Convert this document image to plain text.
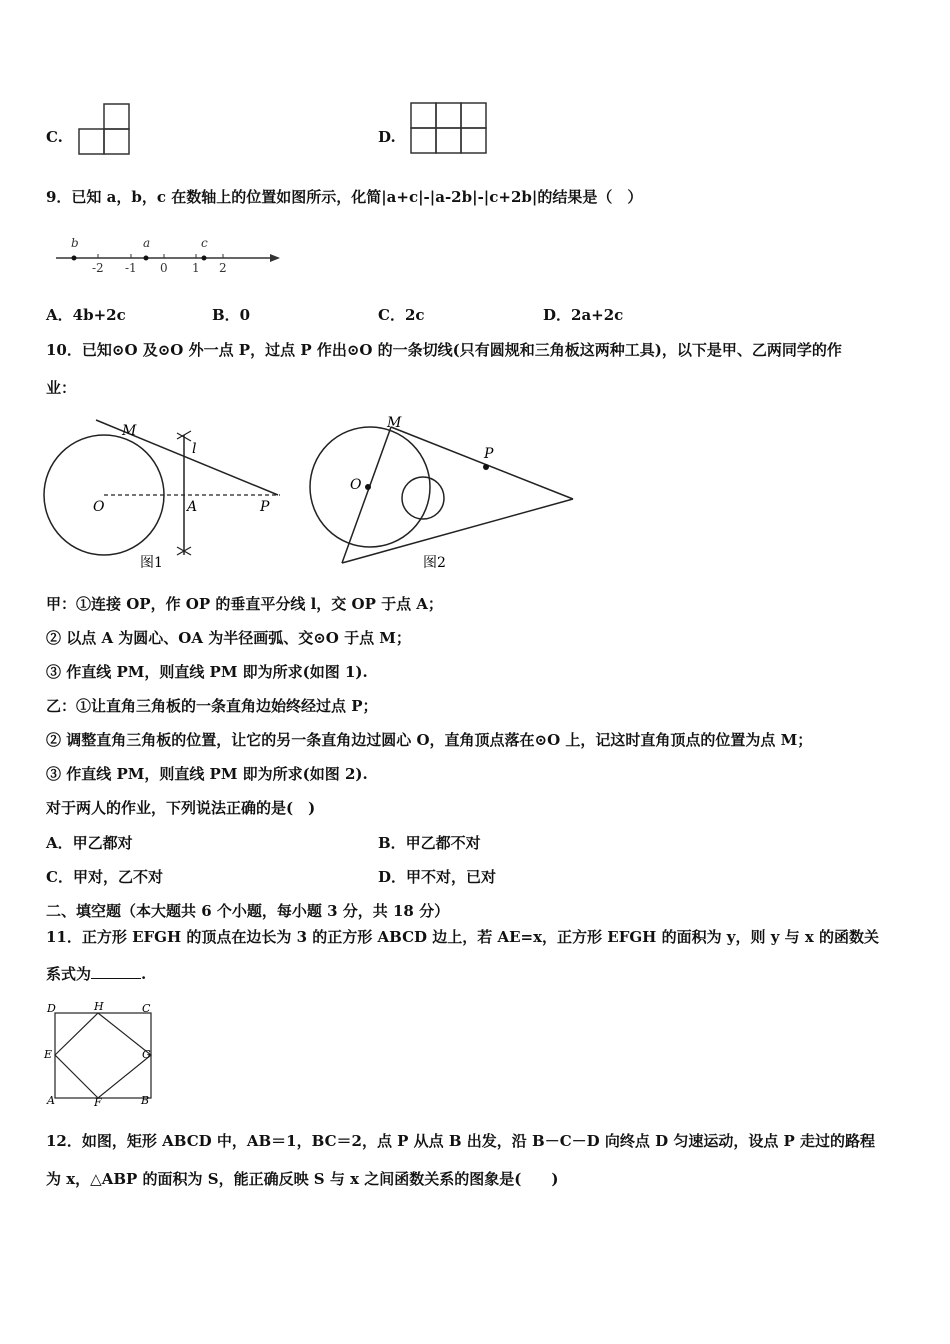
C.	D.
9．已知 a，b，c 在数轴上的位置如图所示，化简|a+c|-|a-2b|-|c+2b|的结果是（　）
b	a	c
-2 -1 0 1 2
A．4b+2c	B．0	C．2c	D．2a+2c
10．已知⊙O 及⊙O 外一点 P，过点 P 作出⊙O 的一条切线(只有圆规和三角板这两种工具)，以下是甲、乙两同学的作
业：
M
l
O	A	P
图1
M
P
O
图2
甲：①连接 OP，作 OP 的垂直平分线 l，交 OP 于点 A；
② 以点 A 为圆心、OA 为半径画弧、交⊙O 于点 M；
③ 作直线 PM，则直线 PM 即为所求(如图 1).
乙：①让直角三角板的一条直角边始终经过点 P；
② 调整直角三角板的位置，让它的另一条直角边过圆心 O，直角顶点落在⊙O 上，记这时直角顶点的位置为点 M；
③ 作直线 PM，则直线 PM 即为所求(如图 2).
对于两人的作业，下列说法正确的是(　)
A．甲乙都对	B．甲乙都不对
C．甲对，乙不对	D．甲不对，已对
二、填空题（本大题共 6 个小题，每小题 3 分，共 18 分）
11．正方形 EFGH 的顶点在边长为 3 的正方形 ABCD 边上，若 AE=x，正方形 EFGH 的面积为 y，则 y 与 x 的函数关
系式为	.
D	H	C
E	G
A	F	B
12．如图，矩形 ABCD 中，AB＝1，BC＝2，点 P 从点 B 出发，沿 B－C－D 向终点 D 匀速运动，设点 P 走过的路程
为 x，△ABP 的面积为 S，能正确反映 S 与 x 之间函数关系的图象是(　　)
